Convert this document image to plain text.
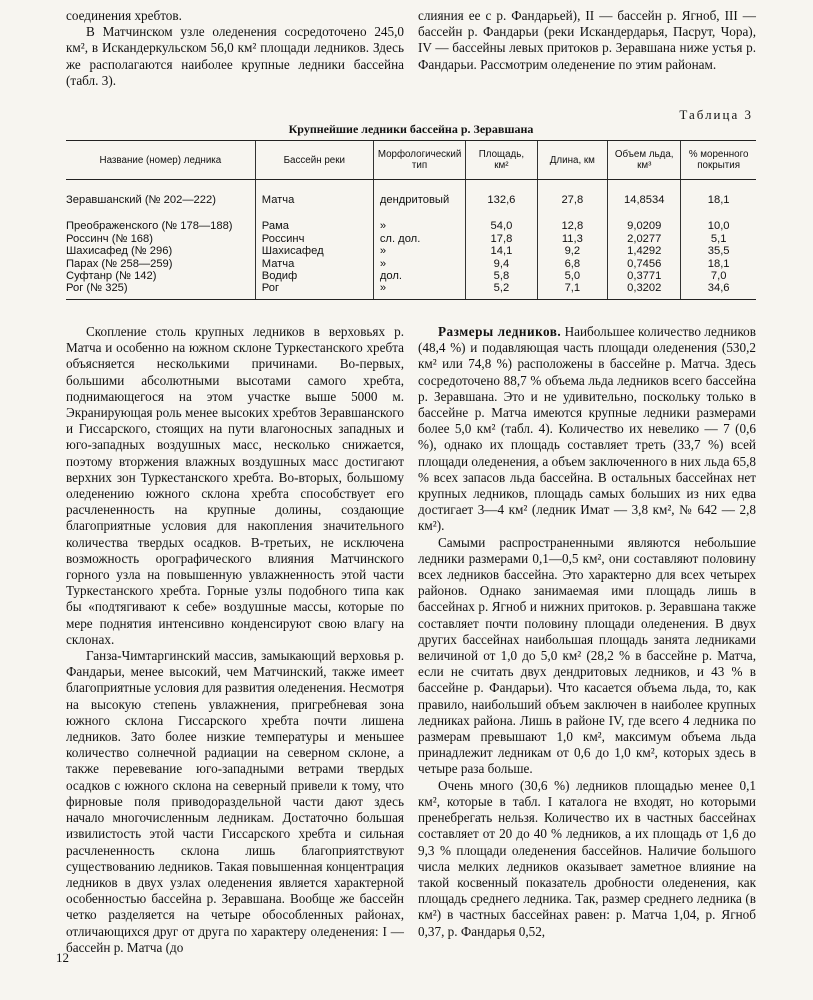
соединения хребтов.

В Матчинском узле оледенения сосредоточено 245,0 км², в Искандеркульском 56,0 км² площади ледников. Здесь же располагаются наиболее крупные ледники бассейна (табл. 3).

слияния ее с р. Фандарьей), II — бассейн р. Ягноб, III — бассейн р. Фандарьи (реки Искандердарья, Пасрут, Чора), IV — бассейны левых притоков р. Зеравшана ниже устья р. Фандарьи. Рассмотрим оледенение по этим районам.

Таблица 3
Крупнейшие ледники бассейна р. Зеравшана
Название (номер) ледника	Бассейн реки	Морфологический тип	Площадь, км²	Длина, км	Объем льда, км³	% моренного покрытия
Зеравшанский (№ 202—222)	Матча	дендритовый	132,6	27,8	14,8534	18,1
Преображенского (№ 178—188)	Рама	»	54,0	12,8	9,0209	10,0
Россинч (№ 168)	Россинч	сл. дол.	17,8	11,3	2,0277	5,1
Шахисафед (№ 296)	Шахисафед	»	14,1	9,2	1,4292	35,5
Парах (№ 258—259)	Матча	»	9,4	6,8	0,7456	18,1
Суфтанр (№ 142)	Водиф	дол.	5,8	5,0	0,3771	7,0
Рог (№ 325)	Рог	»	5,2	7,1	0,3202	34,6

Скопление столь крупных ледников в верховьях р. Матча и особенно на южном склоне Туркестанского хребта объясняется несколькими причинами. Во-первых, большими абсолютными высотами самого хребта, поднимающегося на этом участке выше 5000 м. Экранирующая роль менее высоких хребтов Зеравшанского и Гиссарского, стоящих на пути влагоносных западных и юго-западных воздушных масс, несколько снижается, поэтому вторжения влажных воздушных масс достигают верхних зон Туркестанского хребта. Во-вторых, большому оледенению южного склона хребта способствует его расчлененность на крупные долины, создающие благоприятные условия для накопления значительного количества твердых осадков. В-третьих, не исключена возможность орографического влияния Матчинского горного узла на повышенную увлажненность этой части Туркестанского хребта. Горные узлы подобного типа как бы «подтягивают к себе» воздушные массы, которые по мере поднятия интенсивно конденсируют свою влагу на склонах.

Ганза-Чимтаргинский массив, замыкающий верховья р. Фандарьи, менее высокий, чем Матчинский, также имеет благоприятные условия для развития оледенения. Несмотря на высокую степень увлажнения, пригребневая зона южного склона Гиссарского хребта почти лишена ледников. Зато более низкие температуры и меньшее количество солнечной радиации на северном склоне, а также перевевание юго-западными ветрами твердых осадков с южного склона на северный привели к тому, что фирновые поля приводораздельной части дают здесь начало многочисленным ледникам. Достаточно большая извилистость этой части Гиссарского хребта и сильная расчлененность склона лишь благоприятствуют существованию ледников. Такая повышенная концентрация ледников в двух узлах оледенения является характерной особенностью бассейна р. Зеравшана. Вообще же бассейн четко разделяется на четыре обособленных районах, отличающихся друг от друга по характеру оледенения: I — бассейн р. Матча (до

Размеры ледников. Наибольшее количество ледников (48,4 %) и подавляющая часть площади оледенения (530,2 км² или 74,8 %) расположены в бассейне р. Матча. Здесь сосредоточено 88,7 % объема льда ледников всего бассейна р. Зеравшана. Это и не удивительно, поскольку только в бассейне р. Матча имеются крупные ледники размерами более 5,0 км² (табл. 4). Количество их невелико — 7 (0,6 %), однако их площадь составляет треть (33,7 %) всей площади оледенения, а объем заключенного в них льда 65,8 % всех запасов льда бассейна. В остальных бассейнах нет крупных ледников, площадь самых больших из них едва достигает 3—4 км² (ледник Имат — 3,8 км², № 642 — 2,8 км²).

Самыми распространенными являются небольшие ледники размерами 0,1—0,5 км², они составляют половину всех ледников бассейна. Это характерно для всех четырех районов. Однако занимаемая ими площадь лишь в бассейнах р. Ягноб и нижних притоков. р. Зеравшана также составляет почти половину площади оледенения. В двух других бассейнах наибольшая площадь занята ледниками величиной от 1,0 до 5,0 км² (28,2 % в бассейне р. Матча, если не считать двух дендритовых ледников, и 43 % в бассейне р. Фандарьи). Что касается объема льда, то, как правило, наибольший объем заключен в наиболее крупных ледниках района. Лишь в районе IV, где всего 4 ледника по размерам превышают 1,0 км², максимум объема льда принадлежит ледникам от 0,6 до 1,0 км², которых здесь в четыре раза больше.

Очень много (30,6 %) ледников площадью менее 0,1 км², которые в табл. I каталога не входят, но которыми пренебрегать нельзя. Количество их в частных бассейнах составляет от 20 до 40 % ледников, а их площадь от 1,6 до 9,3 % площади оледенения бассейнов. Наличие большого числа мелких ледников оказывает заметное влияние на такой косвенный показатель дробности оледенения, как площадь среднего ледника. Так, размер среднего ледника (в км²) в частных бассейнах равен: р. Матча 1,04, р. Ягноб 0,37, р. Фандарья 0,52,

12
